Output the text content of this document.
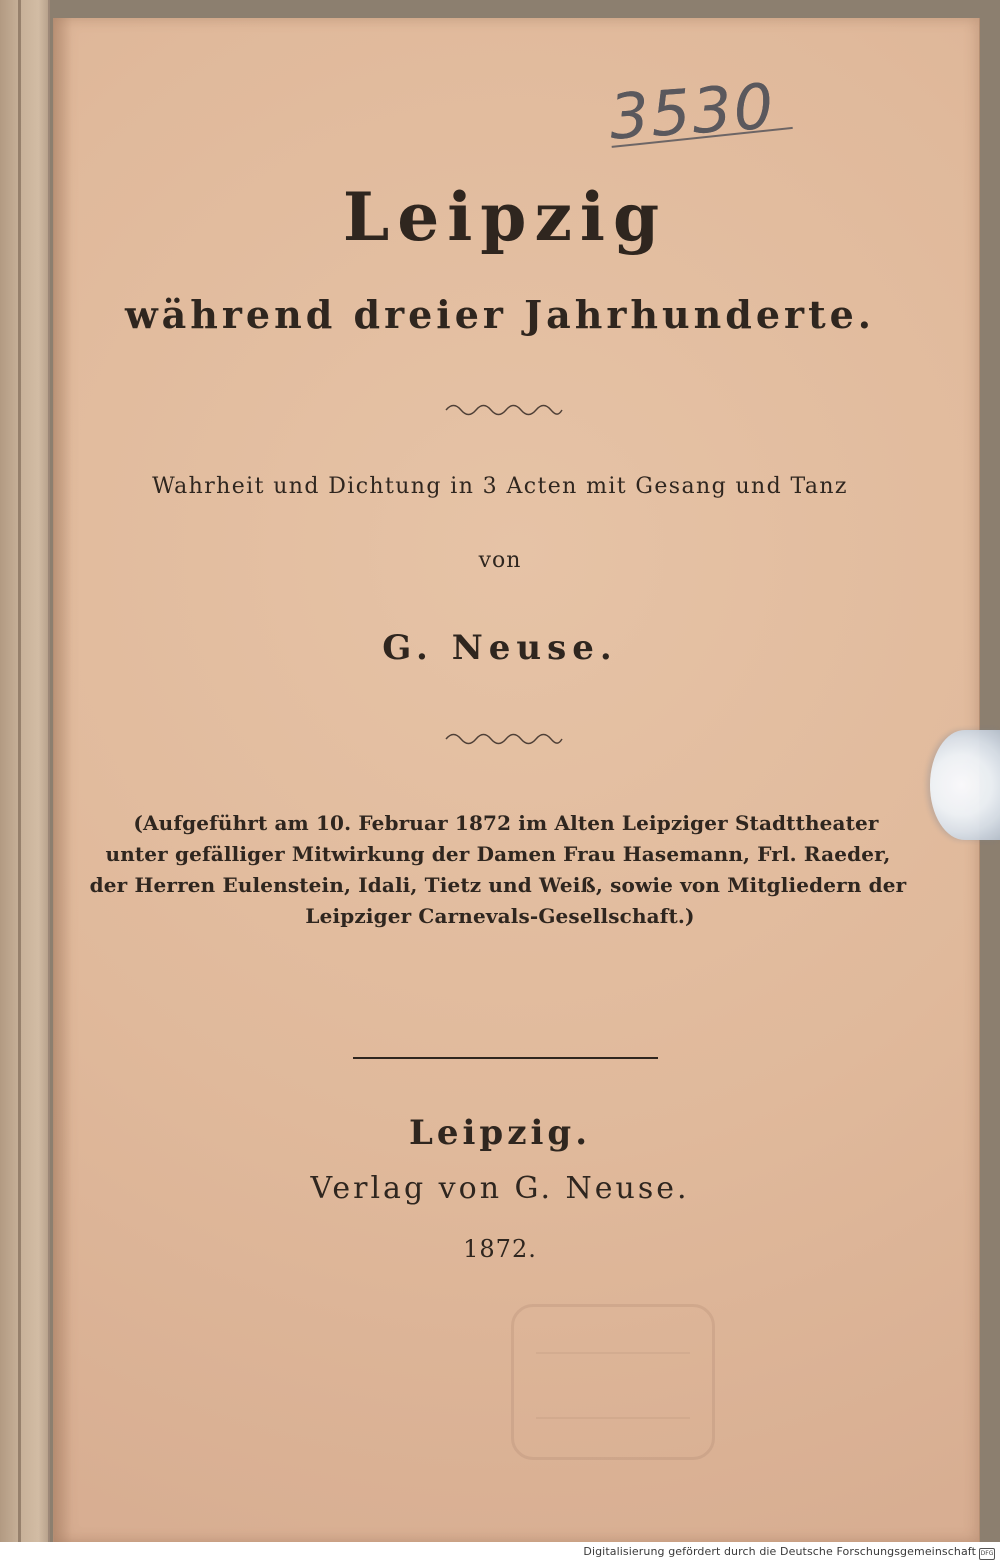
3530
Leipzig
während dreier Jahrhunderte.
Wahrheit und Dichtung in 3 Acten mit Gesang und Tanz
von
G. Neuse.
(Aufgeführt am 10. Februar 1872 im Alten Leipziger Stadttheater
unter gefälliger Mitwirkung der Damen Frau Hasemann, Frl. Raeder,
der Herren Eulenstein, Idali, Tietz und Weiß, sowie von Mitgliedern der
Leipziger Carnevals-Gesellschaft.)
Leipzig.
Verlag von G. Neuse.
1872.
Digitalisierung gefördert durch die Deutsche Forschungsgemeinschaft DFG
